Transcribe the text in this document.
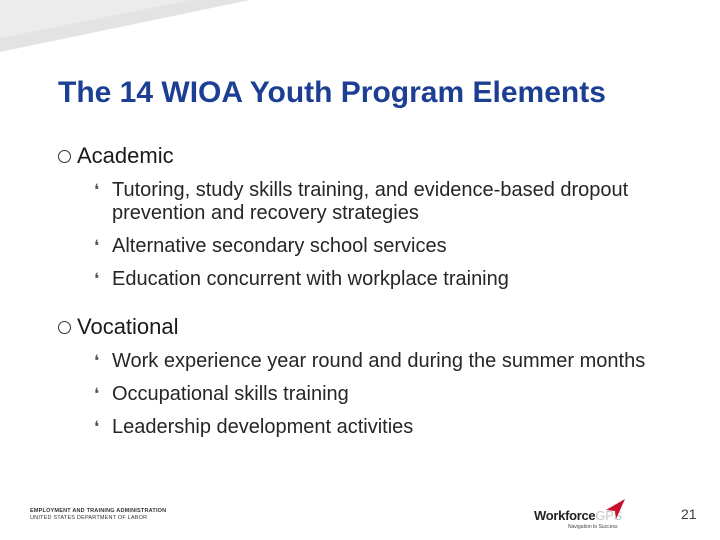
The 14 WIOA Youth Program Elements
Academic
❛ Tutoring, study skills training, and evidence-based dropout prevention and recovery strategies
❛ Alternative secondary school services
❛ Education concurrent with workplace training
Vocational
❛ Work experience year round and during the summer months
❛ Occupational skills training
❛ Leadership development activities
EMPLOYMENT AND TRAINING ADMINISTRATION
UNITED STATES DEPARTMENT OF LABOR	WorkforceGPS
Navigation to Success
21
